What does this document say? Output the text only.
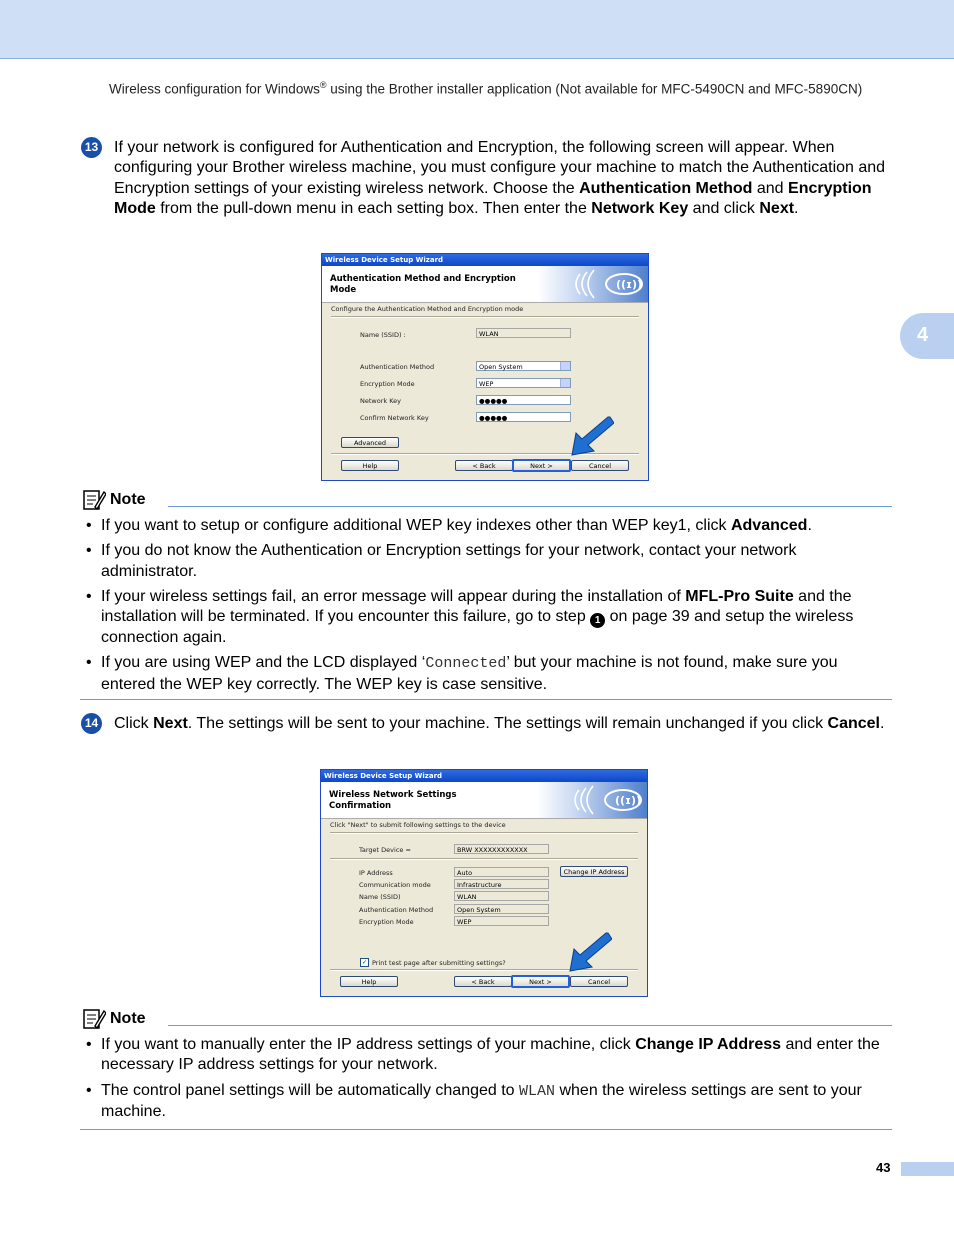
Wireless configuration for Windows® using the Brother installer application (Not available for MFC-5490CN and MFC-5890CN)
4
13 If your network is configured for Authentication and Encryption, the following screen will appear. When configuring your Brother wireless machine, you must configure your machine to match the Authentication and Encryption settings of your existing wireless network. Choose the Authentication Method and Encryption Mode from the pull-down menu in each setting box. Then enter the Network Key and click Next.
Wireless Device Setup Wizard
Authentication Method and Encryption Mode	((ɪ))
Configure the Authentication Method and Encryption mode
Name (SSID) :	WLAN
Authentication Method	Open System
Encryption Mode	WEP
Network Key	●●●●●
Confirm Network Key	●●●●●
Advanced
Help	< Back	Next >	Cancel
Note
• If you want to setup or configure additional WEP key indexes other than WEP key1, click Advanced.
• If you do not know the Authentication or Encryption settings for your network, contact your network administrator.
• If your wireless settings fail, an error message will appear during the installation of MFL-Pro Suite and the installation will be terminated. If you encounter this failure, go to step 1 on page 39 and setup the wireless connection again.
• If you are using WEP and the LCD displayed ‘Connected’ but your machine is not found, make sure you entered the WEP key correctly. The WEP key is case sensitive.
14 Click Next. The settings will be sent to your machine. The settings will remain unchanged if you click Cancel.
Wireless Device Setup Wizard
Wireless Network Settings Confirmation	((ɪ))
Click "Next" to submit following settings to the device
Target Device =	BRW XXXXXXXXXXXX
IP Address	Auto
Communication mode	Infrastructure
Name (SSID)	WLAN
Authentication Method	Open System
Encryption Mode	WEP
Change IP Address
✓ Print test page after submitting settings?
Help	< Back	Next >	Cancel
Note
• If you want to manually enter the IP address settings of your machine, click Change IP Address and enter the necessary IP address settings for your network.
• The control panel settings will be automatically changed to WLAN when the wireless settings are sent to your machine.
43
